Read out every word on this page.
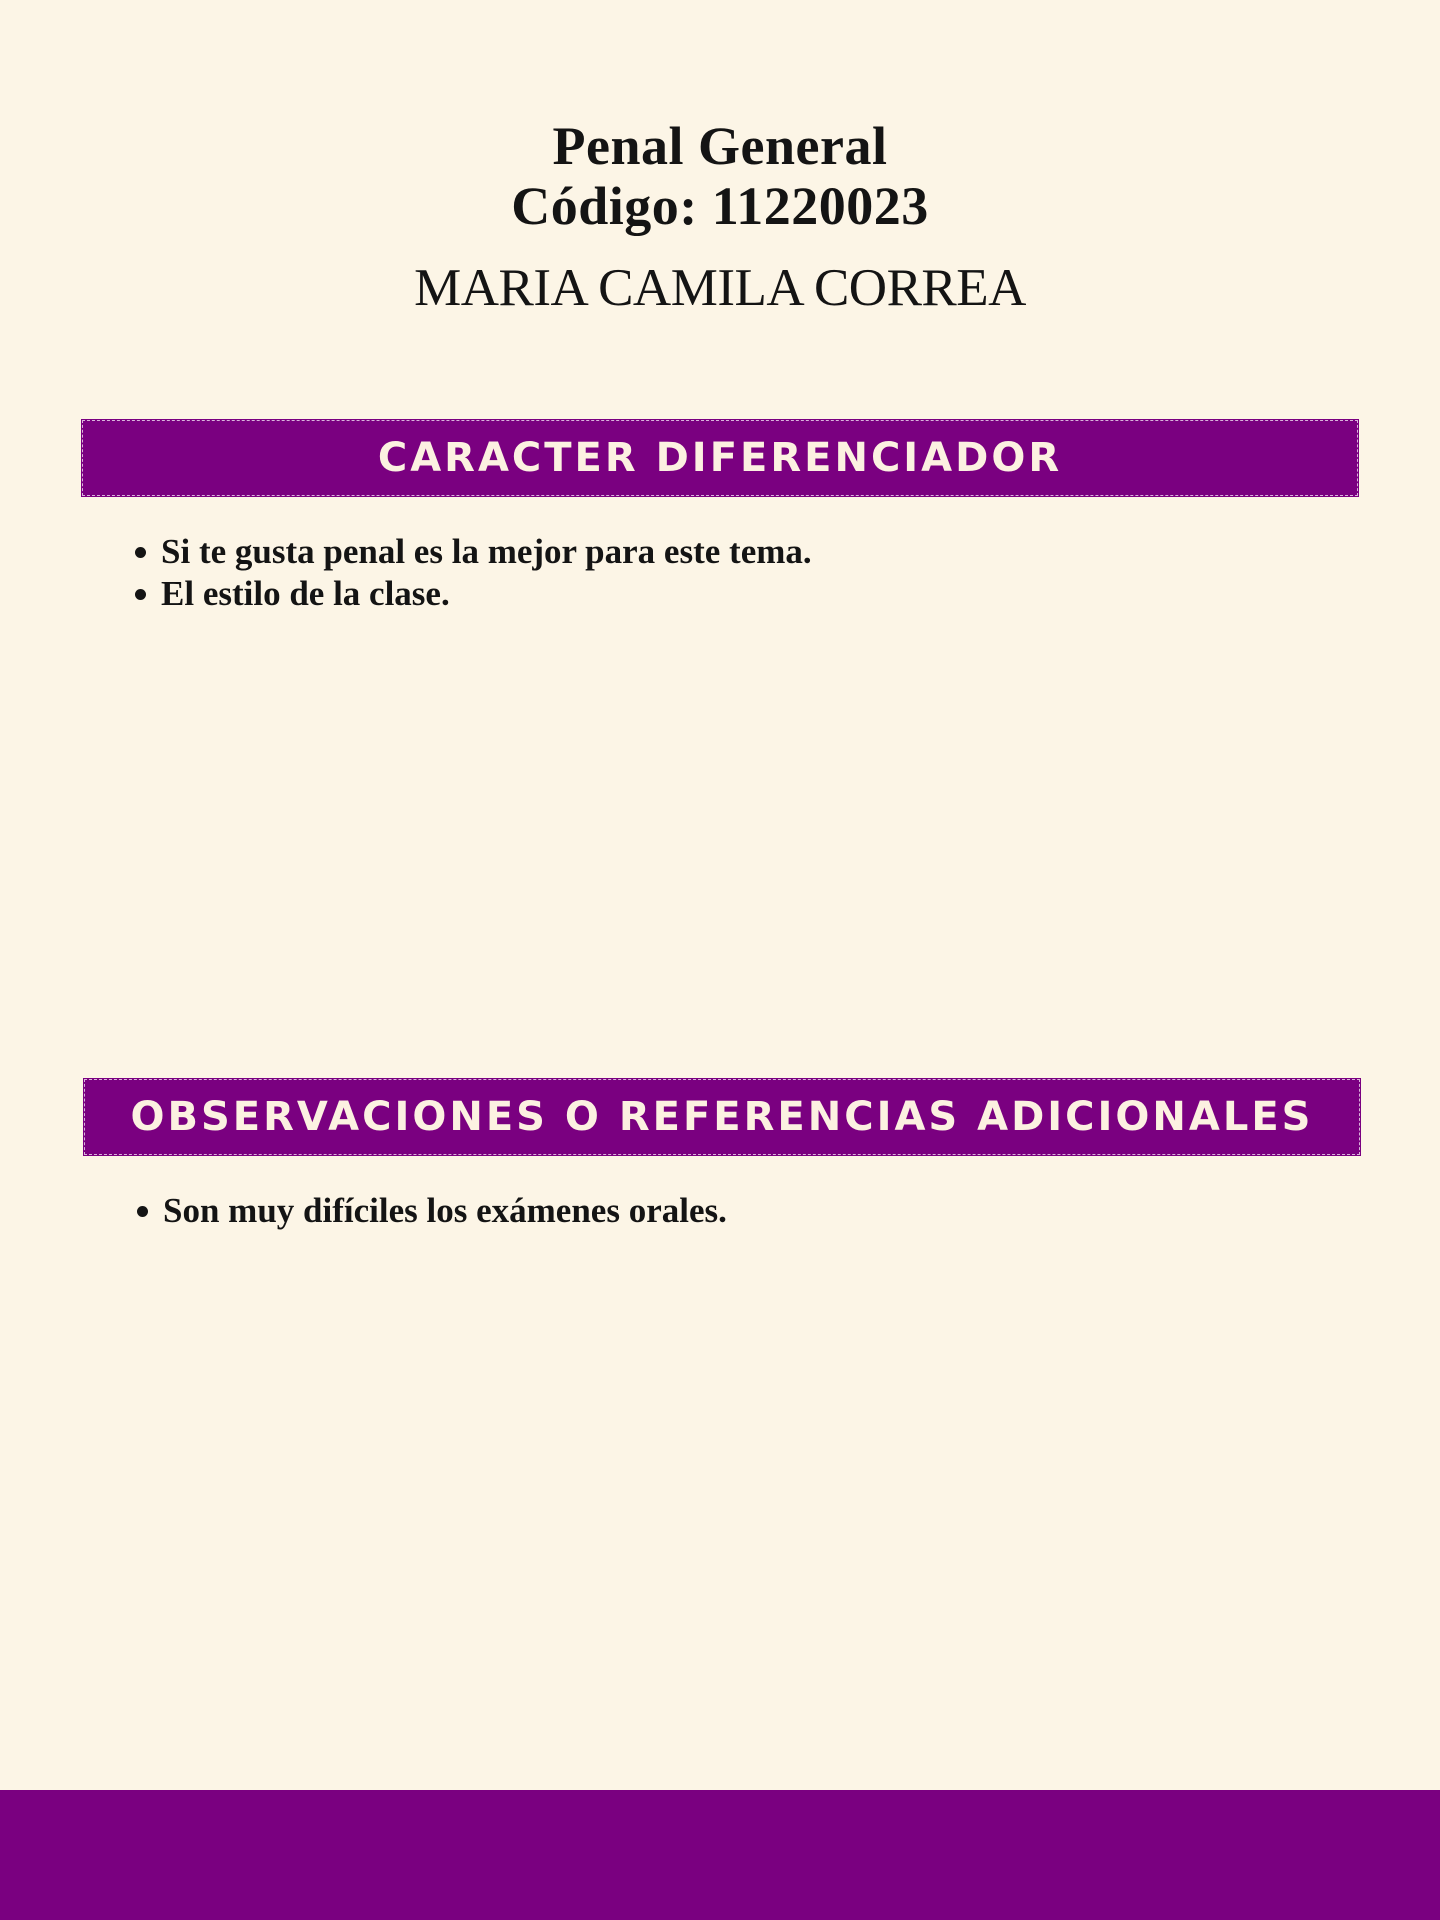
Penal General
Código: 11220023

MARIA CAMILA CORREA

CARACTER DIFERENCIADOR
Si te gusta penal es la mejor para este tema.
El estilo de la clase.
OBSERVACIONES O REFERENCIAS ADICIONALES
Son muy difíciles los exámenes orales.
